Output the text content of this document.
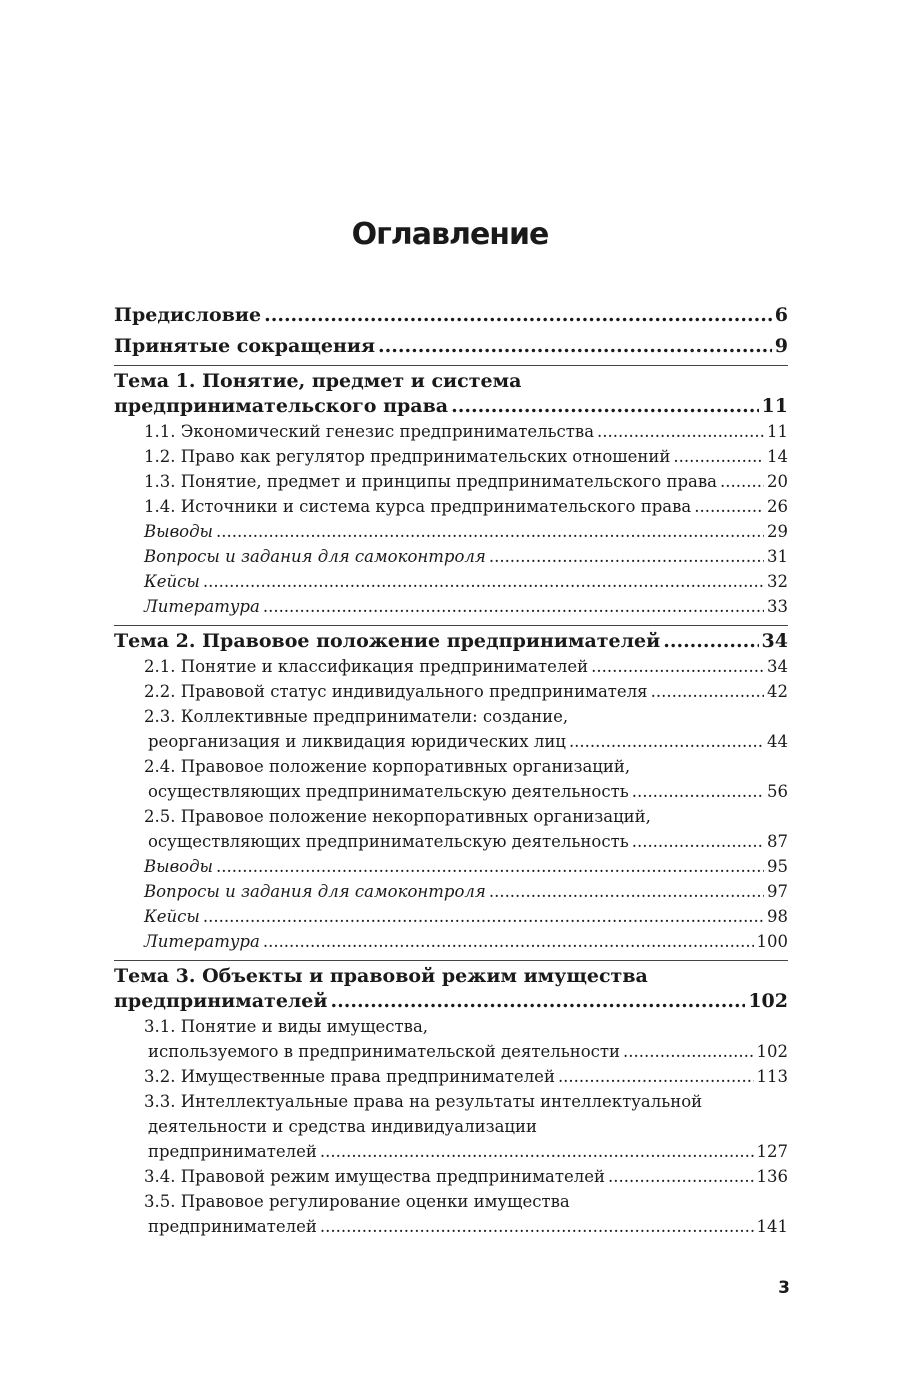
Оглавление
Предисловие .....	6
Принятые сокращения .....	9
Тема 1. Понятие, предмет и система
предпринимательского права .....	11
1.1. Экономический генезис предпринимательства .....	11
1.2. Право как регулятор предпринимательских отношений .....	14
1.3. Понятие, предмет и принципы предпринимательского права .....	20
1.4. Источники и система курса предпринимательского права .....	26
Выводы .....	29
Вопросы и задания для самоконтроля .....	31
Кейсы .....	32
Литература .....	33
Тема 2. Правовое положение предпринимателей .....	34
2.1. Понятие и классификация предпринимателей .....	34
2.2. Правовой статус индивидуального предпринимателя .....	42
2.3. Коллективные предприниматели: создание,
реорганизация и ликвидация юридических лиц .....	44
2.4. Правовое положение корпоративных организаций,
осуществляющих предпринимательскую деятельность .....	56
2.5. Правовое положение некорпоративных организаций,
осуществляющих предпринимательскую деятельность .....	87
Выводы .....	95
Вопросы и задания для самоконтроля .....	97
Кейсы .....	98
Литература .....	100
Тема 3. Объекты и правовой режим имущества
предпринимателей .....	102
3.1. Понятие и виды имущества,
используемого в предпринимательской деятельности .....	102
3.2. Имущественные права предпринимателей .....	113
3.3. Интеллектуальные права на результаты интеллектуальной
деятельности и средства индивидуализации
предпринимателей .....	127
3.4. Правовой режим имущества предпринимателей .....	136
3.5. Правовое регулирование оценки имущества
предпринимателей .....	141
3
